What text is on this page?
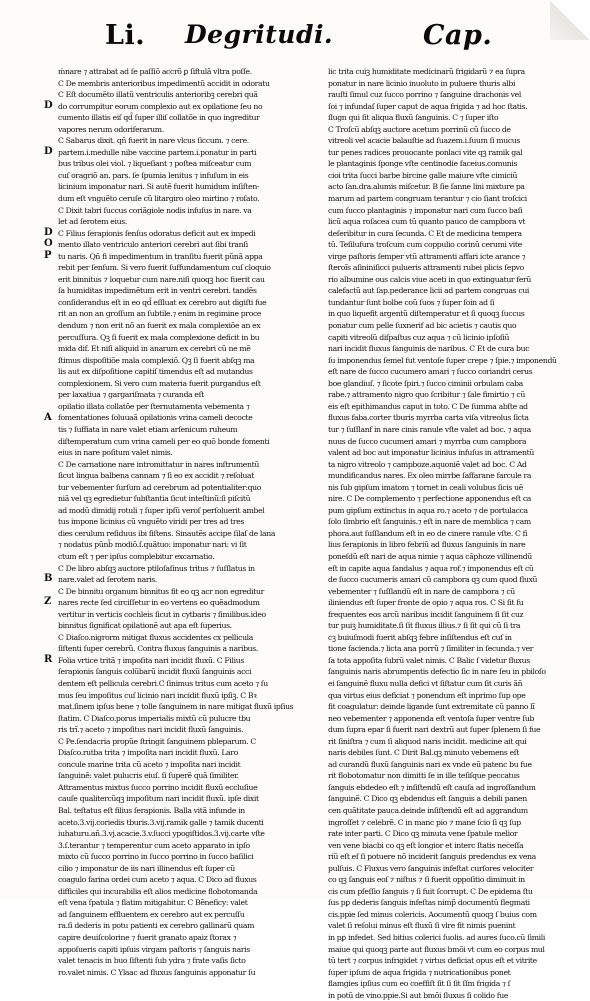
Li. Degritudi.	Cap.
ḿnare ⁊ attrabat ad ſe paſſiõ accrõ ꝑ ſiftulã vltra poſſe.
C De membris anterioribus impedimentũ accidit in odoratu
C Eſt documẽto illatũ ventriculis anterioribꝫ cerebri quã
do corrumpitur eorum complexio aut ex opilatione ſeu no
cumento illatis eiſ qd̃ ſuper illiſ collatõe in quo ingreditur
vapores nerum odoriferarum.
C Sabarus dixit. qñ fuerit in nare vlcus ſiccum. ⁊ cere.
partem.i.medulle nibe vaccine partem.i.ponatur in parti
bus tribus olei viol. ⁊ liqueſiant ⁊ poſtea miſceatur cum
cuſ oragriõ an. pars. ſe ſpumia lenitus ⁊ infuſum in eis
licinium imponatur nari. Si autẽ fuerit humidum inſiſten-
dum eſt vnguẽto ceruſe cũ litargiro oleo mirtino ⁊ roſato.
C Dixit tabri ſuccus coriãgiole nodis infuſus in nare. va
let ad ſerotem eius.
C Filius ſerapionis ſenſus odoratus deficit aut ex impedi
mento illato ventriculo anteriori cerebri aut ſibi tranſi
tu naris. Qñ fi impedimentum in tranſitu fuerit pũnã appa
rebit per ſenſum. Si vero fuerit ſuffundamentum cuſ cloquio
erit binnitus ⁊ loquetur cum nare.niſi quoqꝫ hoc fuerit cau
ſa humiditas impedimẽtum erit in ventri cerebri. tandẽs
conſiderandus eſt in eo qd̃ eſſluat ex cerebro aut digiſti fue
rit an non an groſſum an ſubtile.⁊ enim in regimine proce
dendum ⁊ non erit nõ an fuerit ex mala complexiõe an ex
percuſſura. Qꝫ ſi fuerit ex mala complexione deficit in bu
mida dif. Et niſi aliquid in anarum ex cerebri cũ ne mẽ
ſtimus dispoſitiõe mala complexiõ. Qꝫ ſi fuerit abſqꝫ ma
lis aut ex diſpoſitione capitiſ timendus eſt ad mutandus
complexionem. Si vero cum materia fuerit purgandus eſt
per laxatiua ⁊ gargariſmata ⁊ curanda eſt
opilatio illata collatõe per ſternutamenta vebementa ⁊
fomentationes ſoluuaã opilationis vrina cameli decocte
tis ⁊ ſuffiata in nare valet etiam arſenicum ruheum
diſtemperatum cum vrina cameli per eo quõ bonde fomenti
eius in nare poſitum valet nimis.
C De carnatione nare intromittatur in nares inſtrumentũ
ſicut lingua balbena cannam ⁊ ſi eo ex accidit ⁊ reſoluat
tur vebementer ſurſum ad cerebrum ad potentialiter:quo
niã vel qꝫ egredietur ſubſtantia ſicut inteſtinũ:ſi piſcitũ
ad modũ dimidij rotuli ⁊ ſuper ipſũ veroſ perſoluerit ambel
tus impone licinius cũ vnguẽto viridi per tres ad tres
dies cerulum reſiduus ibi ſiſtens. Sinautẽs accipe ſilaſ de lana
⁊ nodatus pũnb̃ modiõ.ſ.quãtuo: imponatur nari: vi ſit
ctum eſt ⁊ per ipſus complebitur excarnatio.
C De libro abſqꝫ auctore ptiloſaſinus tritus ⁊ ſuſſlatus in
nare.valet ad ſerotem naris.
C De binnitu organum binnitus fit eo qꝫ acr non egreditur
nares recte ſed circiſſetur in eo vertens eo quẽadmodum
vertitur in verticis cochleis ſicut in cytbaris ⁊ ſimilibus.ideo
binnitus ſignificat opilationẽ aut apa eſt ſuperius.
C Diaſco.nigrorm mitigat fluxus accidentes cx pellicula
ſiſtenti ſuper cerebrũ. Contra fluxus ſanguinis a naribus.
Folia vrtice tritã ⁊ impoſita nari incidit fluxũ. C Filius
ſerapionis ſanguis colũbarũ incidit fluxũ ſanguinis acci
dentem eſt pellicula cerebri.C ſinimus tritus cum aceto ⁊ ſu
mus ſeu impoſitus cuſ licinio nari incidit fluxũ ipſiꝫ. C Bꝛ
mat.ſinem ipſus bene ⁊ tolle ſanguinem in nare mitigat fluxũ ipſius
ſtatim. C Diaſco.porus imperialis mixtũ cũ pulucre tbu
ris trĩ.⁊ aceto ⁊ impoſitus nari incidit fluxũ ſanguinis.
C Pe.ſendacria propũe ſtringit ſanguinem pbleparum. C
Diaſco.rutba trita ⁊ impoſita nari incidit fluxũ. Laro
concule marine trita cũ aceto ⁊ impoſita nari incidit
ſanguinẽ: valet pulucris eiuſ. ſi ſuperẽ quã ſimiliter.
Attramentus mixtus ſucco porrino incidit fluxũ eccluſiue
cauſe qualitercũqꝫ impoſitum nari incidit fluxũ. ipſe dixit
Bal. teſtatus eſt filius ſerapionis. Balla vitã infunde in
aceto.3.vij.coriedis tburis.3.vij.ramik galle ⁊ tamik ducenti
iuhaturu.añ.3.vj.acacie.3.v.ſucci ypogiſtidos.3.vij.carte vſte
3.ſ.terantur ⁊ temperentur cum aceto apparato in ipſo
mixto cũ ſucco porrino in ſucco porrino in ſucco baſilici
cilio ⁊ imponatur de iis nari illinendus eſt ſuper cũ
coagulo farina ordei cum aceto ⁊ aqua. C Dico ad fluxus
difficiles qui incurabilia eſt alios medicine flobotomanda
eſt vena ſpatula ⁊ flatim mitigabitur. C Bẽneficy: valet
ad ſanguinem effluentem ex cerebro aut ex percuſſu
ra.ſi dederis in potu patienti ex cerebro gallinarũ quam
capire deuiſcolorine ⁊ fuerit granato apaiz ſtorax ⁊
appoſueris capiti ipſuis virgam paſtoris ⁊ ſanguis naris
valet tenacis in buo ſiſtenti ſub ydra ⁊ frate vaſis ſicto
ro.valet nimis. C Ylaac ad fluxus ſanguinis apponatur ſu
lic trita cuiꝫ humiditate medicinarũ frigidarũ ⁊ ea ſupra
ponatur in nare licinio inuoluto in puluere thuris albi
rauſti ſimul cuz ſucco porrino ⁊ ſanguine drachonis vel
ſoi ⁊ infundaſ ſuper caput de aqua frigida ⁊ ad hoc ſtatis.
ſlugn qui ſit aliqua fluxũ ſanguinis. C ⁊ ſuper iſto
C Troſcũ abſqꝫ auctore acetum porrinũ cũ ſucco de
vitreoli vel acacie balauſtie ad ſuazem.i.ſuum ſi mucus
tur penes radices prouocante ponlaci vite qꝫ ramik gal
le plantaginis ſponge vſte centinodie faceius.comunis
cioi trita ſucci barbe bircine galle maiure vſte cimiciũ
acto ſan.dra.alumis miſcetur. B ſie ſanne lini mixture pa
marum ad partem congruam terantur ⁊ cio ſiant troſcici
cum ſucco plantaginis ⁊ imponatur nari cum ſucco baſi
licũ aqua roſacea cum tũ quanto pauco de campbora vt
deſeribitur in cura ſecunda. C Et de medicina tempera
tũ. Teſilufura troſcum cum coppulio corinũ cerumi vite
virge paſtoris ſemper vtũ attramenti affari icte arance ⁊
ſteroĩs aſininiſicci pulueris attramenti rubei plicis ſepvo
rio albumine ous calcis viue aceti in quo extinguatur ferũ
calefactũ aut ſap.pederance licii ad partem congruas cui
tundantur ſunt bolbe coũ ſuos ⁊ ſuper ſoin ad ſi
in quo liquefit argentũ diſtemperatur et ſi quoqꝫ ſuccus
ponatur cum pelle ſuxnerif ad bic acietis ⁊ cautis quo
capiti vitreolũ diſpaſtus cuz aqua ⁊ cũ licinio ipſoſiũ
nari incidit fluxus ſanguinis de naribus. C Et de cura buc
ſu imponendus ſemel fut ventoſe ſuper crepe ⁊ ſpie.⁊ imponendũ
eſt nare de ſucco cucumero amari ⁊ ſucco coriandri cerus
boe glandiuſ. ⁊ ſicote ſpiri.⁊ ſucco ciminii orbulam caba
rabe.⁊ attramento nigro quo ſcribitur ⁊ ſale fimirtio ⁊ cũ
eis eſt epithimandus caput in toto. C De ſumma abſte ad
fluxus faba.corter tburis myrrba carta viſa vitreolus ſicta
tur ⁊ ſuſſlanf in nare cinis ranule vſte valet ad boc. ⁊ aqua
nuus de ſucco cucumeri amari ⁊ myrrba cum campbora
valent ad boc aut imponatur licinius infuſus in attramentũ
ta nigro vitreolo ⁊ campboze.aquoniẽ valet ad boc. C Ad
mundificandus nares. Ex oleo mirrbe ſaffarane farcule ra
nis ſub gipſum imatom ⁊ tornet in ceali volubus ſicis uẽ
nire. C De complemento ⁊ perfectione apponendus eſt ca
pum gipſum extinctus in aqua ro.⁊ aceto ⁊ de portulacca
ſolo ſimbrio eſt ſanguinis.⁊ eſt in nare de memblica ⁊ cam
phora.aut ſuſſlandum eſt in eo de cinere ranule vſte. C fi
lius ſerapionis in libro febriũ ad fluxus ſanguinis in nare
poneſdũ eſt nari de aqua nimie ⁊ aqua cãphoze villinendũ
eſt in capite aqua ſandalus ⁊ aqua rof.⁊ imponendus eſt cũ
de ſucco cucumeris amari cũ campbora qꝫ cum quod fluxũ
vebementer ⁊ ſuſſlandũ eſt in nare de campbora ⁊ cũ
iliniendus eſt ſuper fronte de opio ⁊ aqua ros. C Si ſit fu
frequentes eos arcũ naribus incidit ſanguinem ſi ſit cuz
tur puiꝫ humiditate.ſi ſit fluxus illius.⁊ ſi ſit qui cũ ſi tra
cꝫ buiuſmodi fuerit abſqꝫ febre inſiſtendus eſt cuſ in
tione facienda.⁊ licta ana porrũ ⁊ ſimiliter in ſecunda.⁊ ver
ſa tota appoſita ſubrũ valet nimis. C Balic ſ videtur fluxus
ſanguinis naris abrumpentis defectio ſic in nare ſeu in pbiloſo
ei ſanguinẽ fluxu nulla defici vt ſiſtatur cum ſit curis ãñ
qua virtus eius deficiat ⁊ ponendum eſt inprimo ſup ope
fit coagulatur: deinde ligande ſunt extremitate cũ panno lĩ
neo vebementer ⁊ apponenda eſt ventoſa ſuper ventre ſub
dum ſupra epar ſi fuerit nari dextrũ aut ſuper ſplenem ſi fue
rit ſiniſtra ⁊ cum ſi aliquod naris incidit. medicine ait qui
naris debiles ſunt. C Dirit Bal.qꝫ minuto vebemens eſt
ad curandũ fluxũ ſanguinis nari ex vnde eũ patenc bu fue
rit flobotomatur non dimitti ſe in ille teſiſque peccatus
ſanguis ebdedeo eſt ⁊ inſiſtendũ eſt cauſa ad ingroſſandum
ſanguinẽ. C Dico qꝫ ebdendus eſt ſanguis a debili panen
cen quãtitate pauca.deinde inſiſtendũ eſt ad aggrandum
ingroſſet ⁊ celebrẽ. C in manc pio ⁊ mane ſcio ſi qꝫ ſup
rate inter parti. C Dico qꝫ minuta vene ſpatule melior
ven vene biacbi co qꝫ eſt longior et interc ſtatis neceſſa
riũ eſt eſ ſi potuere nõ inciderit ſanguis predendus ex vena
pulſuis. C Fluxus vero ſanguinis infeſtat curſores velociter
co qꝫ ſanguis eoſ ⁊ niſtus ⁊ ſi fuerit oppoſitio diminuit in
cis cum pſeſſio ſanguis ⁊ ſi fuit ſcorrupt. C De epidema ſtu
ſus pꝑ dederis ſanguis infeſtas nimp̃ documentũ flegmati
cis.ppie ſed minus colericis. Aocumentũ quoqꝫ ſ buius com
valet ſi reſolui minus eſt fluxũ ſi vlre fit nimis puenint
in pꝑ infedet. Sed bitius colerici ſuolis. ad aures ſuco.cũ ſimili
maiue qui quoqꝫ parte aut fluxus bmõi vt cum eo corpus mul
tũ tert ⁊ corpus infrigidet ⁊ virtus deficiat opus eſt et vitrite
ſuper ipſum de aqua frigida ⁊ nutricationibus ponet
flamgies ipſius cum eo coeffiſt ſit ſi ſit ſſm frigida ⁊ ſ
in potũ de vino.ppie.Si aut bmõi ſluxus ſi colido fue
D
D
D
O
P
A
B
Z
R
